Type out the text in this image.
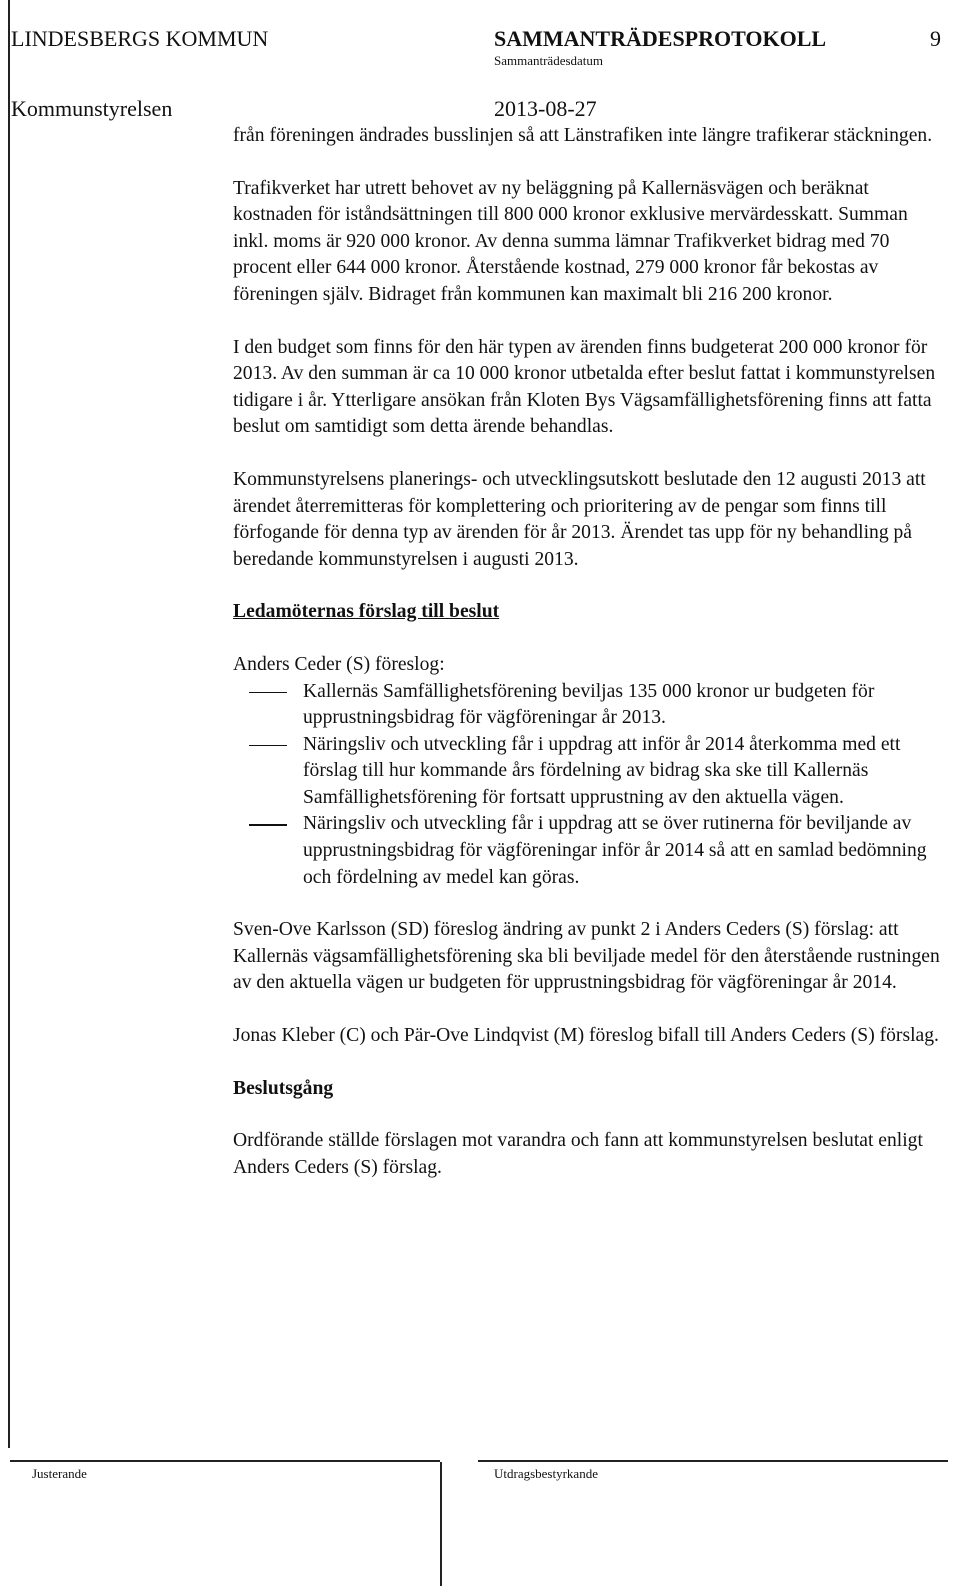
LINDESBERGS KOMMUN	SAMMANTRÄDESPROTOKOLL	9
Sammanträdesdatum
Kommunstyrelsen	2013-08-27

från föreningen ändrades busslinjen så att Länstrafiken inte längre trafikerar stäckningen.

Trafikverket har utrett behovet av ny beläggning på Kallernäsvägen och beräknat kostnaden för iståndsättningen till 800 000 kronor exklusive mervärdesskatt. Summan inkl. moms är 920 000 kronor. Av denna summa lämnar Trafikverket bidrag med 70 procent eller 644 000 kronor. Återstående kostnad, 279 000 kronor får bekostas av föreningen själv. Bidraget från kommunen kan maximalt bli 216 200 kronor.

I den budget som finns för den här typen av ärenden finns budgeterat 200 000 kronor för 2013. Av den summan är ca 10 000 kronor utbetalda efter beslut fattat i kommunstyrelsen tidigare i år. Ytterligare ansökan från Kloten Bys Vägsamfällighetsförening finns att fatta beslut om samtidigt som detta ärende behandlas.

Kommunstyrelsens planerings- och utvecklingsutskott beslutade den 12 augusti 2013 att ärendet återremitteras för komplettering och prioritering av de pengar som finns till förfogande för denna typ av ärenden för år 2013. Ärendet tas upp för ny behandling på beredande kommunstyrelsen i augusti 2013.

Ledamöternas förslag till beslut

Anders Ceder (S) föreslog:

Kallernäs Samfällighetsförening beviljas 135 000 kronor ur budgeten för upprustningsbidrag för vägföreningar år 2013.

Näringsliv och utveckling får i uppdrag att inför år 2014 återkomma med ett förslag till hur kommande års fördelning av bidrag ska ske till Kallernäs Samfällighetsförening för fortsatt upprustning av den aktuella vägen.

Näringsliv och utveckling får i uppdrag att se över rutinerna för beviljande av upprustningsbidrag för vägföreningar inför år 2014 så att en samlad bedömning och fördelning av medel kan göras.

Sven-Ove Karlsson (SD) föreslog ändring av punkt 2 i Anders Ceders (S) förslag: att Kallernäs vägsamfällighetsförening ska bli beviljade medel för den återstående rustningen av den aktuella vägen ur budgeten för upprustningsbidrag för vägföreningar år 2014.

Jonas Kleber (C) och Pär-Ove Lindqvist (M) föreslog bifall till Anders Ceders (S) förslag.

Beslutsgång

Ordförande ställde förslagen mot varandra och fann att kommunstyrelsen beslutat enligt Anders Ceders (S) förslag.

Justerande	Utdragsbestyrkande
